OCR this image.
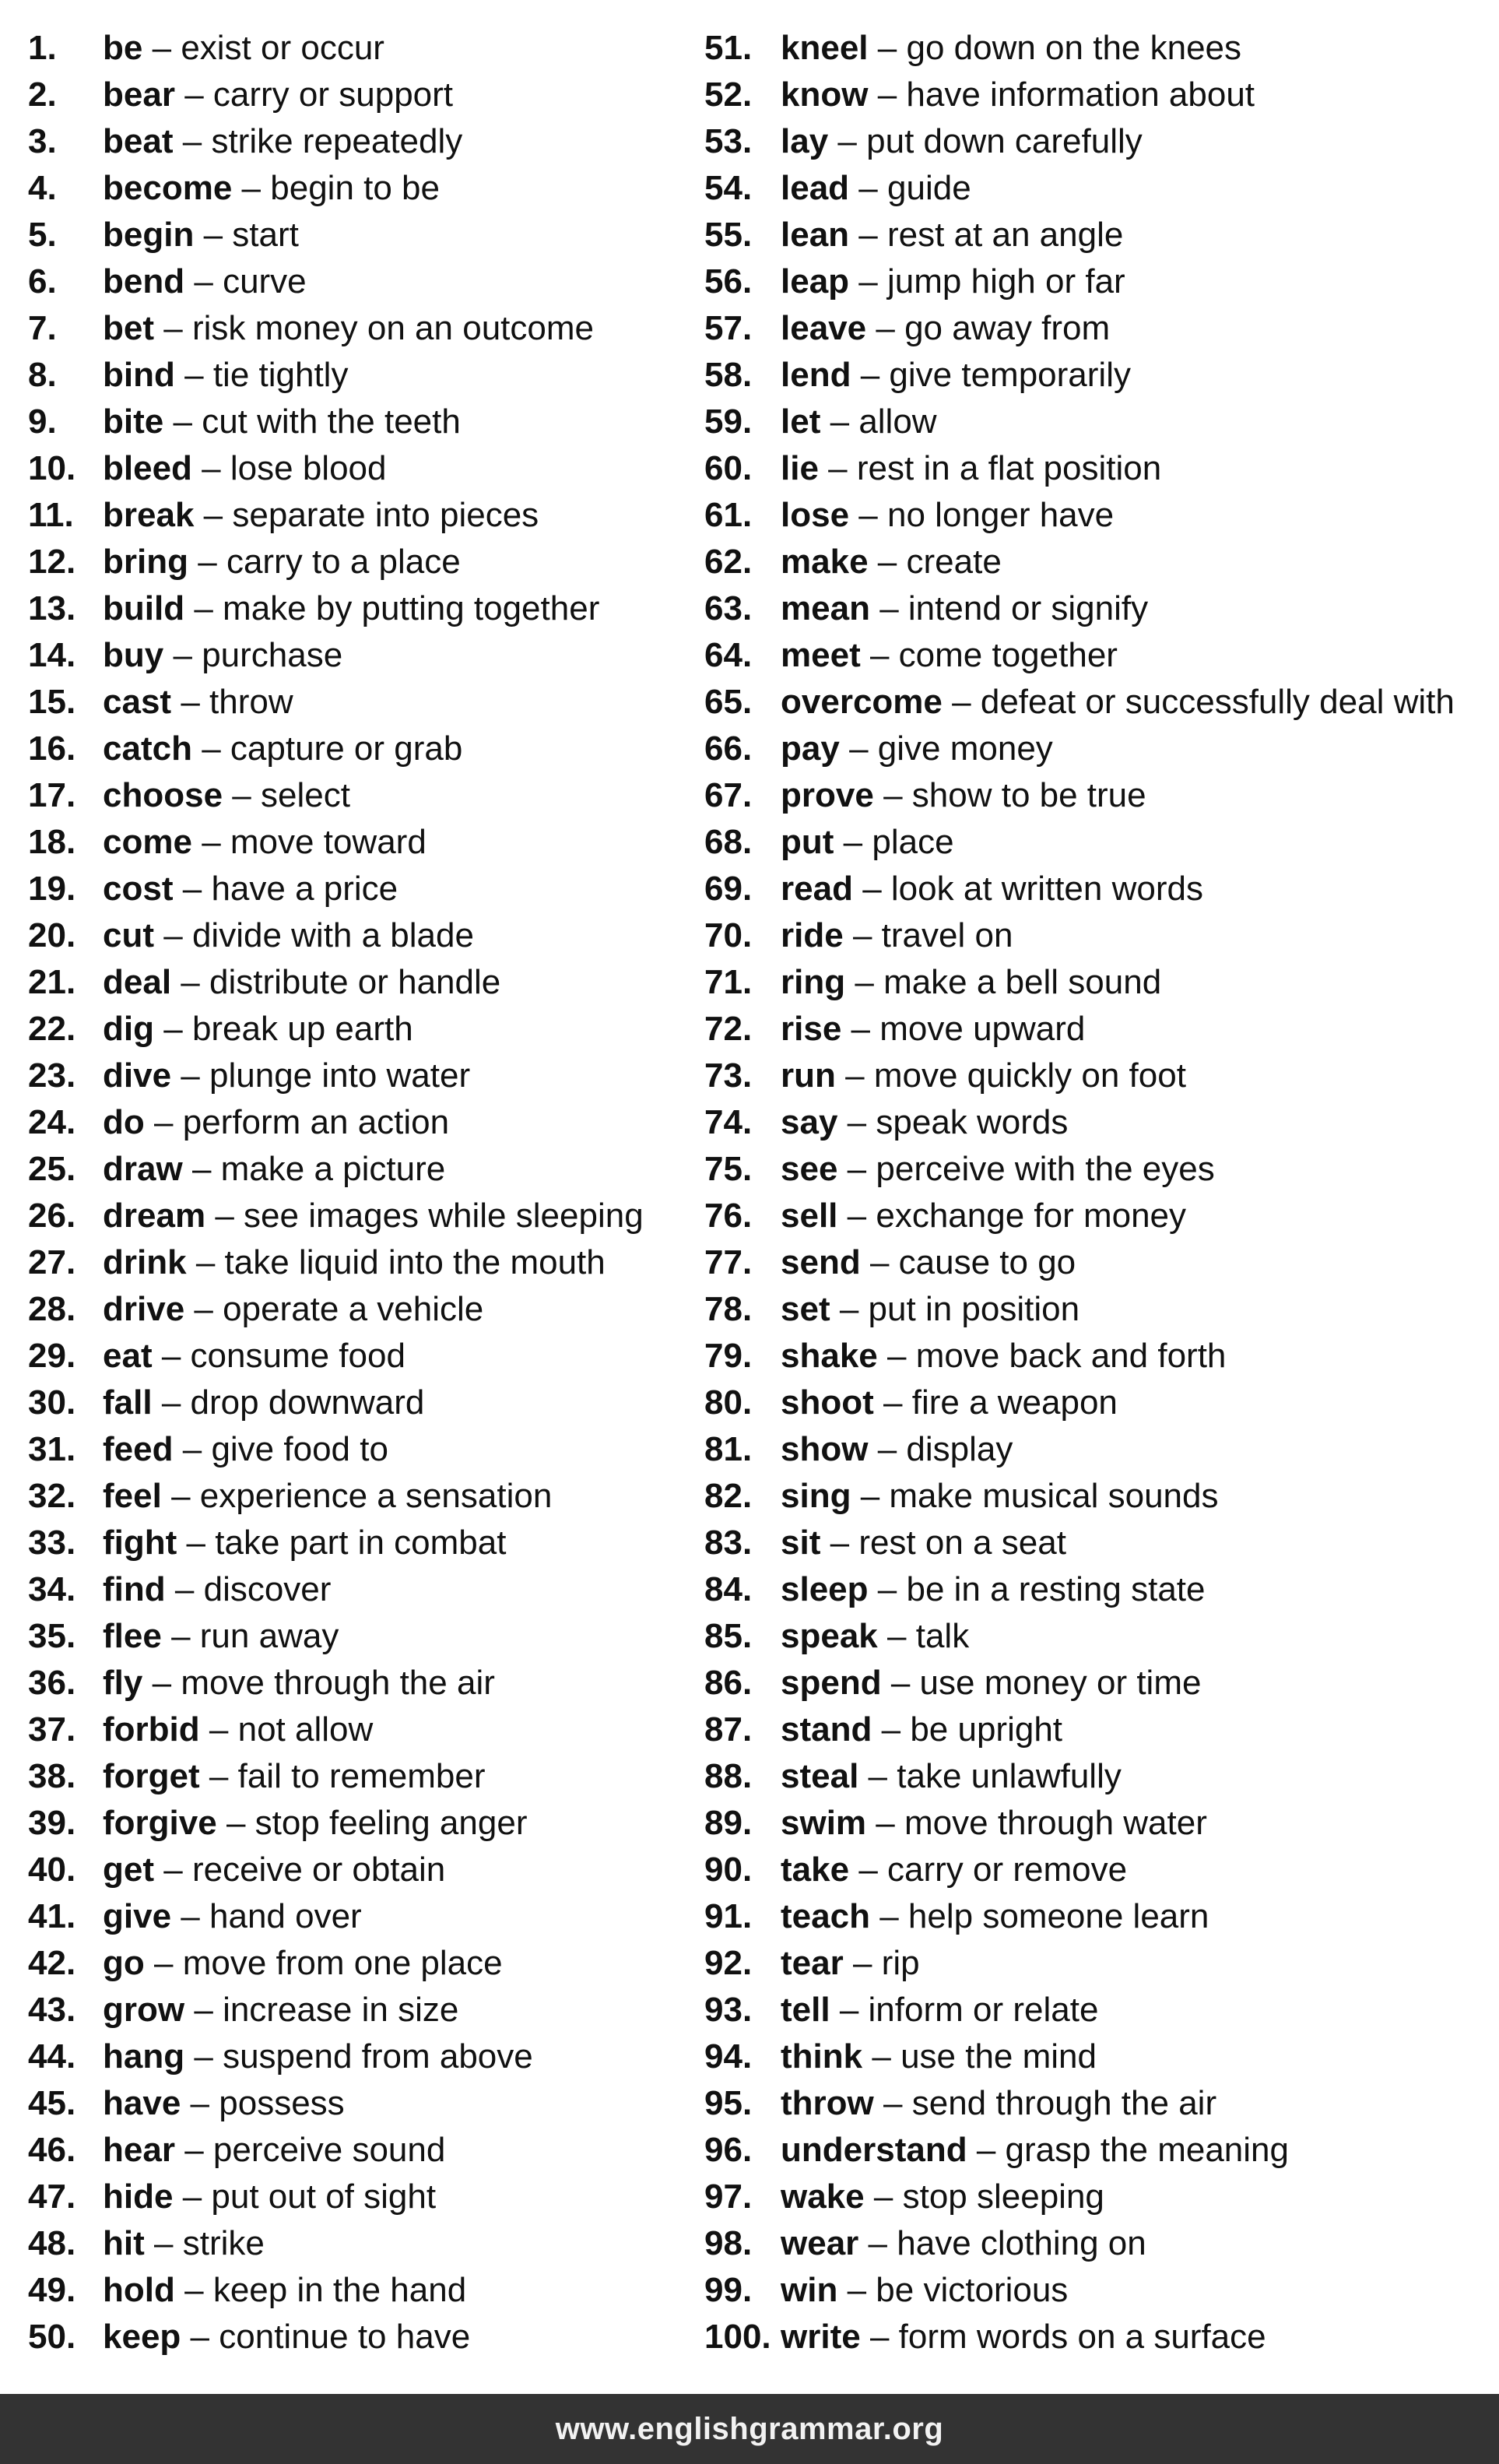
1. be – exist or occur
2. bear – carry or support
3. beat – strike repeatedly
4. become – begin to be
5. begin – start
6. bend – curve
7. bet – risk money on an outcome
8. bind – tie tightly
9. bite – cut with the teeth
10. bleed – lose blood
11. break – separate into pieces
12. bring – carry to a place
13. build – make by putting together
14. buy – purchase
15. cast – throw
16. catch – capture or grab
17. choose – select
18. come – move toward
19. cost – have a price
20. cut – divide with a blade
21. deal – distribute or handle
22. dig – break up earth
23. dive – plunge into water
24. do – perform an action
25. draw – make a picture
26. dream – see images while sleeping
27. drink – take liquid into the mouth
28. drive – operate a vehicle
29. eat – consume food
30. fall – drop downward
31. feed – give food to
32. feel – experience a sensation
33. fight – take part in combat
34. find – discover
35. flee – run away
36. fly – move through the air
37. forbid – not allow
38. forget – fail to remember
39. forgive – stop feeling anger
40. get – receive or obtain
41. give – hand over
42. go – move from one place
43. grow – increase in size
44. hang – suspend from above
45. have – possess
46. hear – perceive sound
47. hide – put out of sight
48. hit – strike
49. hold – keep in the hand
50. keep – continue to have
51. kneel – go down on the knees
52. know – have information about
53. lay – put down carefully
54. lead – guide
55. lean – rest at an angle
56. leap – jump high or far
57. leave – go away from
58. lend – give temporarily
59. let – allow
60. lie – rest in a flat position
61. lose – no longer have
62. make – create
63. mean – intend or signify
64. meet – come together
65. overcome – defeat or successfully deal with
66. pay – give money
67. prove – show to be true
68. put – place
69. read – look at written words
70. ride – travel on
71. ring – make a bell sound
72. rise – move upward
73. run – move quickly on foot
74. say – speak words
75. see – perceive with the eyes
76. sell – exchange for money
77. send – cause to go
78. set – put in position
79. shake – move back and forth
80. shoot – fire a weapon
81. show – display
82. sing – make musical sounds
83. sit – rest on a seat
84. sleep – be in a resting state
85. speak – talk
86. spend – use money or time
87. stand – be upright
88. steal – take unlawfully
89. swim – move through water
90. take – carry or remove
91. teach – help someone learn
92. tear – rip
93. tell – inform or relate
94. think – use the mind
95. throw – send through the air
96. understand – grasp the meaning
97. wake – stop sleeping
98. wear – have clothing on
99. win – be victorious
100. write – form words on a surface
www.englishgrammar.org
